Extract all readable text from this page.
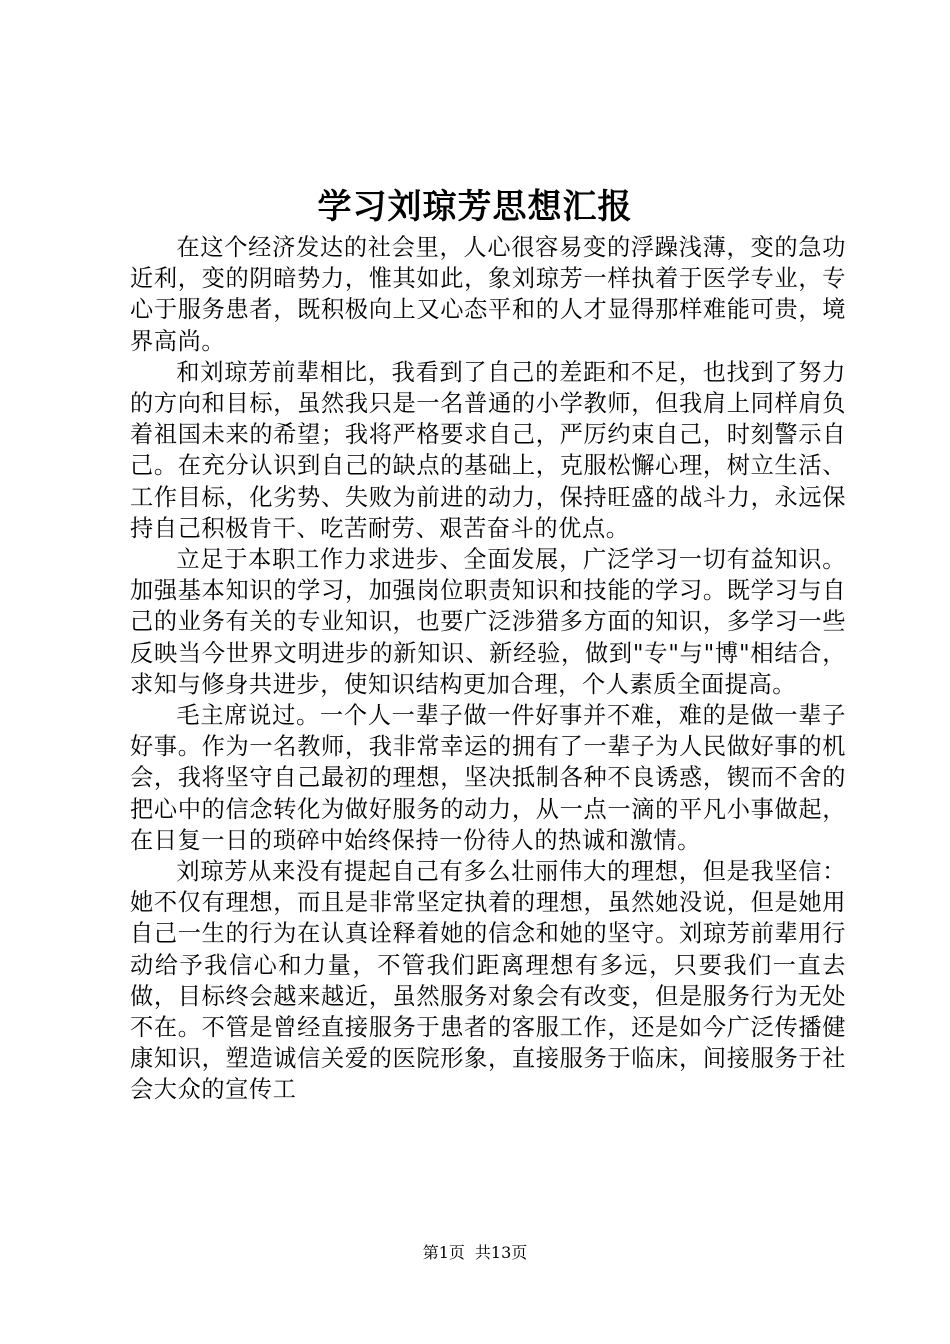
学习刘琼芳思想汇报

在这个经济发达的社会里，人心很容易变的浮躁浅薄，变的急功近利，变的阴暗势力，惟其如此，象刘琼芳一样执着于医学专业，专心于服务患者，既积极向上又心态平和的人才显得那样难能可贵，境界高尚。

和刘琼芳前辈相比，我看到了自己的差距和不足，也找到了努力的方向和目标，虽然我只是一名普通的小学教师，但我肩上同样肩负着祖国未来的希望；我将严格要求自己，严厉约束自己，时刻警示自己。在充分认识到自己的缺点的基础上，克服松懈心理，树立生活、工作目标，化劣势、失败为前进的动力，保持旺盛的战斗力，永远保持自己积极肯干、吃苦耐劳、艰苦奋斗的优点。

立足于本职工作力求进步、全面发展，广泛学习一切有益知识。加强基本知识的学习，加强岗位职责知识和技能的学习。既学习与自己的业务有关的专业知识，也要广泛涉猎多方面的知识，多学习一些反映当今世界文明进步的新知识、新经验，做到"专"与"博"相结合，求知与修身共进步，使知识结构更加合理，个人素质全面提高。

毛主席说过。一个人一辈子做一件好事并不难，难的是做一辈子好事。作为一名教师，我非常幸运的拥有了一辈子为人民做好事的机会，我将坚守自己最初的理想，坚决抵制各种不良诱惑，锲而不舍的把心中的信念转化为做好服务的动力，从一点一滴的平凡小事做起，在日复一日的琐碎中始终保持一份待人的热诚和激情。

刘琼芳从来没有提起自己有多么壮丽伟大的理想，但是我坚信：她不仅有理想，而且是非常坚定执着的理想，虽然她没说，但是她用自己一生的行为在认真诠释着她的信念和她的坚守。刘琼芳前辈用行动给予我信心和力量，不管我们距离理想有多远，只要我们一直去做，目标终会越来越近，虽然服务对象会有改变，但是服务行为无处不在。不管是曾经直接服务于患者的客服工作，还是如今广泛传播健康知识，塑造诚信关爱的医院形象，直接服务于临床，间接服务于社会大众的宣传工

第1页 共13页
